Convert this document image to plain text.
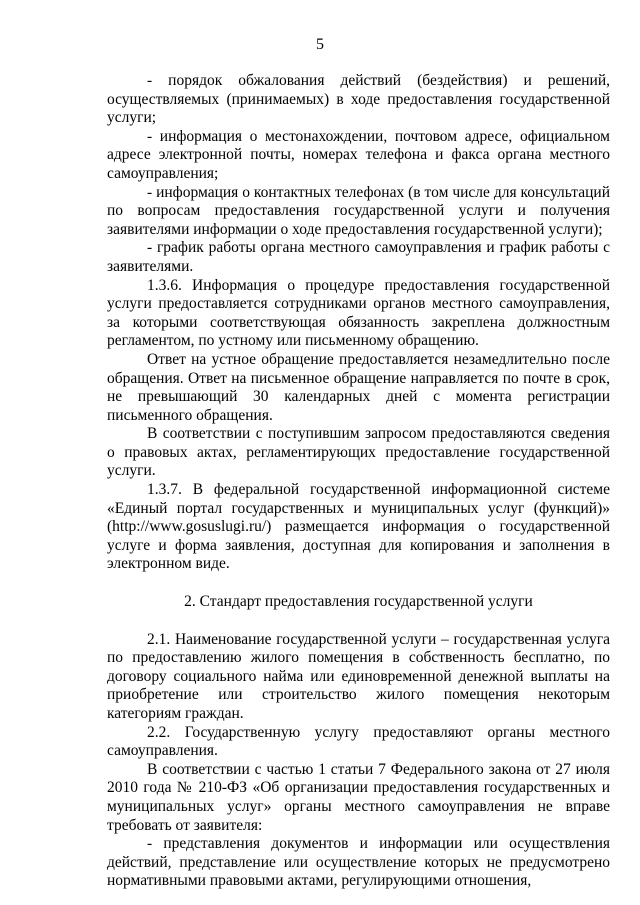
5

- порядок обжалования действий (бездействия) и решений, осуществляемых (принимаемых) в ходе предоставления государственной услуги;

- информация о местонахождении, почтовом адресе, официальном адресе электронной почты, номерах телефона и факса органа местного самоуправления;

- информация о контактных телефонах (в том числе для консультаций по вопросам предоставления государственной услуги и получения заявителями информации о ходе предоставления государственной услуги);

- график работы органа местного самоуправления и график работы с заявителями.

1.3.6. Информация о процедуре предоставления государственной услуги предоставляется сотрудниками органов местного самоуправления, за которыми соответствующая обязанность закреплена должностным регламентом, по устному или письменному обращению.

Ответ на устное обращение предоставляется незамедлительно после обращения. Ответ на письменное обращение направляется по почте в срок, не превышающий 30 календарных дней с момента регистрации письменного обращения.

В соответствии с поступившим запросом предоставляются сведения о правовых актах, регламентирующих предоставление государственной услуги.

1.3.7. В федеральной государственной информационной системе «Единый портал государственных и муниципальных услуг (функций)» (http://www.gosuslugi.ru/) размещается информация о государственной услуге и форма заявления, доступная для копирования и заполнения в электронном виде.

2. Стандарт предоставления государственной услуги

2.1. Наименование государственной услуги – государственная услуга по предоставлению жилого помещения в собственность бесплатно, по договору социального найма или единовременной денежной выплаты на приобретение или строительство жилого помещения некоторым категориям граждан.

2.2. Государственную услугу предоставляют органы местного самоуправления.

В соответствии с частью 1 статьи 7 Федерального закона от 27 июля 2010 года № 210-ФЗ «Об организации предоставления государственных и муниципальных услуг» органы местного самоуправления не вправе требовать от заявителя:

- представления документов и информации или осуществления действий, представление или осуществление которых не предусмотрено нормативными правовыми актами, регулирующими отношения,
